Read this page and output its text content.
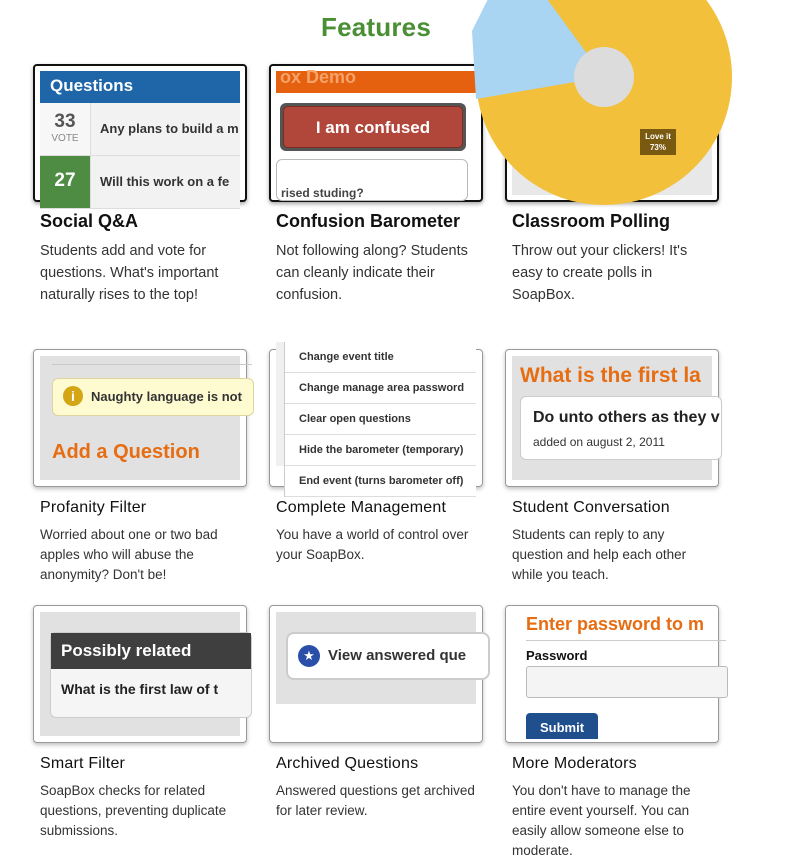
Features
Questions
33
VOTE
Any plans to build a m
27	Will this work on a fe
Social Q&A
Students add and vote for questions. What's important naturally rises to the top!
ox Demo
I am confused
rised studing?
Confusion Barometer
Not following along? Students can cleanly indicate their confusion.
Love it
73%
Classroom Polling
Throw out your clickers! It's easy to create polls in SoapBox.
i	Naughty language is not
Add a Question
Profanity Filter
Worried about one or two bad apples who will abuse the anonymity? Don't be!
Change event title
Change manage area password
Clear open questions
Hide the barometer (temporary)
End event (turns barometer off)
Complete Management
You have a world of control over your SoapBox.
What is the first la
Do unto others as they v
added on august 2, 2011
Student Conversation
Students can reply to any question and help each other while you teach.
Possibly related
What is the first law of t
Smart Filter
SoapBox checks for related questions, preventing duplicate submissions.
★ View answered que
Archived Questions
Answered questions get archived for later review.
Enter password to m
Password
Submit
More Moderators
You don't have to manage the entire event yourself. You can easily allow someone else to moderate.
